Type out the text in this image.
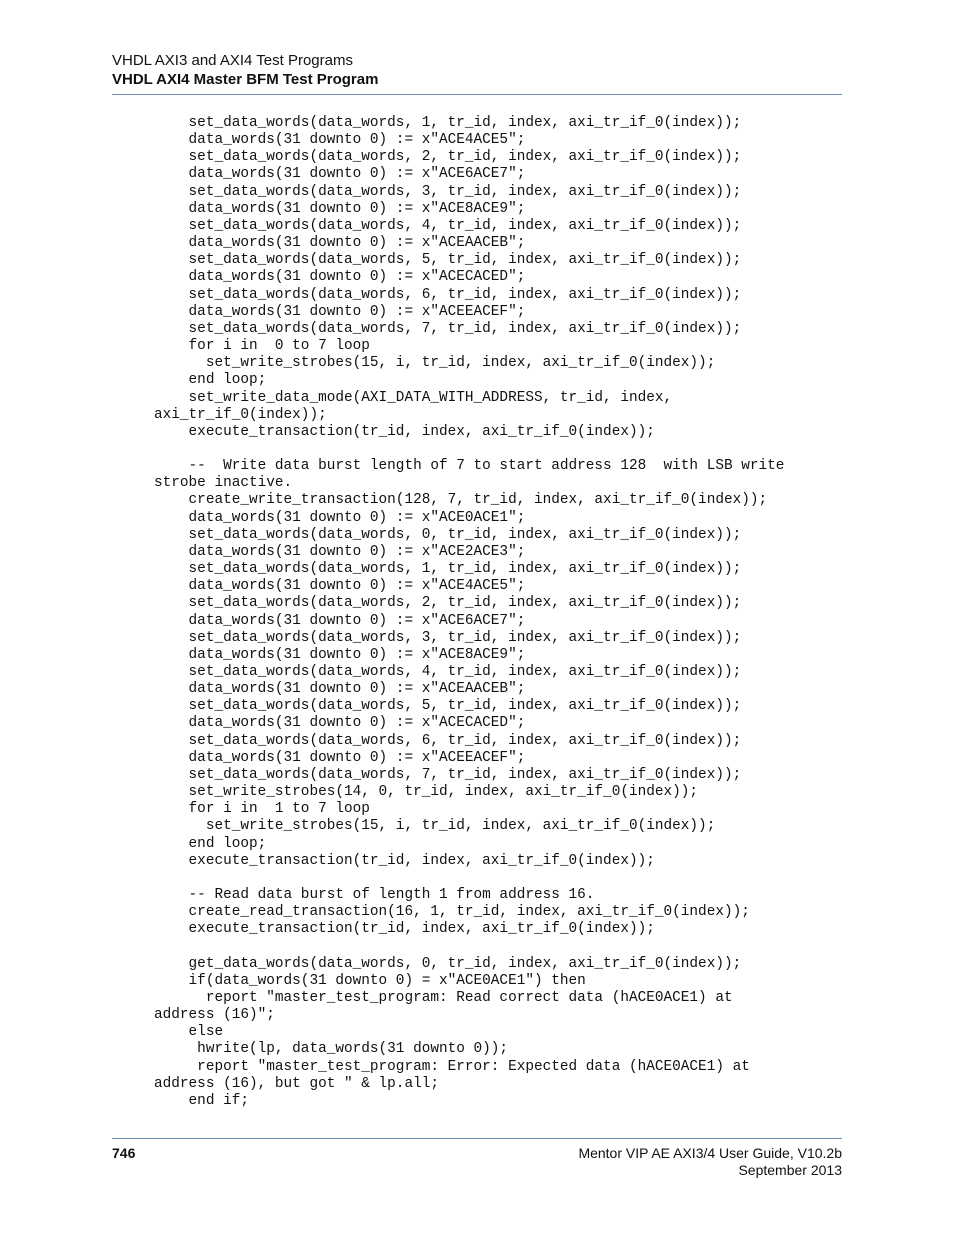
VHDL AXI3 and AXI4 Test Programs
VHDL AXI4 Master BFM Test Program
set_data_words(data_words, 1, tr_id, index, axi_tr_if_0(index));
data_words(31 downto 0) := x"ACE4ACE5";
set_data_words(data_words, 2, tr_id, index, axi_tr_if_0(index));
data_words(31 downto 0) := x"ACE6ACE7";
set_data_words(data_words, 3, tr_id, index, axi_tr_if_0(index));
data_words(31 downto 0) := x"ACE8ACE9";
set_data_words(data_words, 4, tr_id, index, axi_tr_if_0(index));
data_words(31 downto 0) := x"ACEAACEB";
set_data_words(data_words, 5, tr_id, index, axi_tr_if_0(index));
data_words(31 downto 0) := x"ACECACED";
set_data_words(data_words, 6, tr_id, index, axi_tr_if_0(index));
data_words(31 downto 0) := x"ACEEACEF";
set_data_words(data_words, 7, tr_id, index, axi_tr_if_0(index));
for i in  0 to 7 loop
set_write_strobes(15, i, tr_id, index, axi_tr_if_0(index));
end loop;
set_write_data_mode(AXI_DATA_WITH_ADDRESS, tr_id, index,
axi_tr_if_0(index));
execute_transaction(tr_id, index, axi_tr_if_0(index));

--  Write data burst length of 7 to start address 128  with LSB write
strobe inactive.
create_write_transaction(128, 7, tr_id, index, axi_tr_if_0(index));
data_words(31 downto 0) := x"ACE0ACE1";
set_data_words(data_words, 0, tr_id, index, axi_tr_if_0(index));
data_words(31 downto 0) := x"ACE2ACE3";
set_data_words(data_words, 1, tr_id, index, axi_tr_if_0(index));
data_words(31 downto 0) := x"ACE4ACE5";
set_data_words(data_words, 2, tr_id, index, axi_tr_if_0(index));
data_words(31 downto 0) := x"ACE6ACE7";
set_data_words(data_words, 3, tr_id, index, axi_tr_if_0(index));
data_words(31 downto 0) := x"ACE8ACE9";
set_data_words(data_words, 4, tr_id, index, axi_tr_if_0(index));
data_words(31 downto 0) := x"ACEAACEB";
set_data_words(data_words, 5, tr_id, index, axi_tr_if_0(index));
data_words(31 downto 0) := x"ACECACED";
set_data_words(data_words, 6, tr_id, index, axi_tr_if_0(index));
data_words(31 downto 0) := x"ACEEACEF";
set_data_words(data_words, 7, tr_id, index, axi_tr_if_0(index));
set_write_strobes(14, 0, tr_id, index, axi_tr_if_0(index));
for i in  1 to 7 loop
set_write_strobes(15, i, tr_id, index, axi_tr_if_0(index));
end loop;
execute_transaction(tr_id, index, axi_tr_if_0(index));

-- Read data burst of length 1 from address 16.
create_read_transaction(16, 1, tr_id, index, axi_tr_if_0(index));
execute_transaction(tr_id, index, axi_tr_if_0(index));

get_data_words(data_words, 0, tr_id, index, axi_tr_if_0(index));
if(data_words(31 downto 0) = x"ACE0ACE1") then
report "master_test_program: Read correct data (hACE0ACE1) at
address (16)";
else
hwrite(lp, data_words(31 downto 0));
report "master_test_program: Error: Expected data (hACE0ACE1) at
address (16), but got " & lp.all;
end if;
746	Mentor VIP AE AXI3/4 User Guide, V10.2b
September 2013
